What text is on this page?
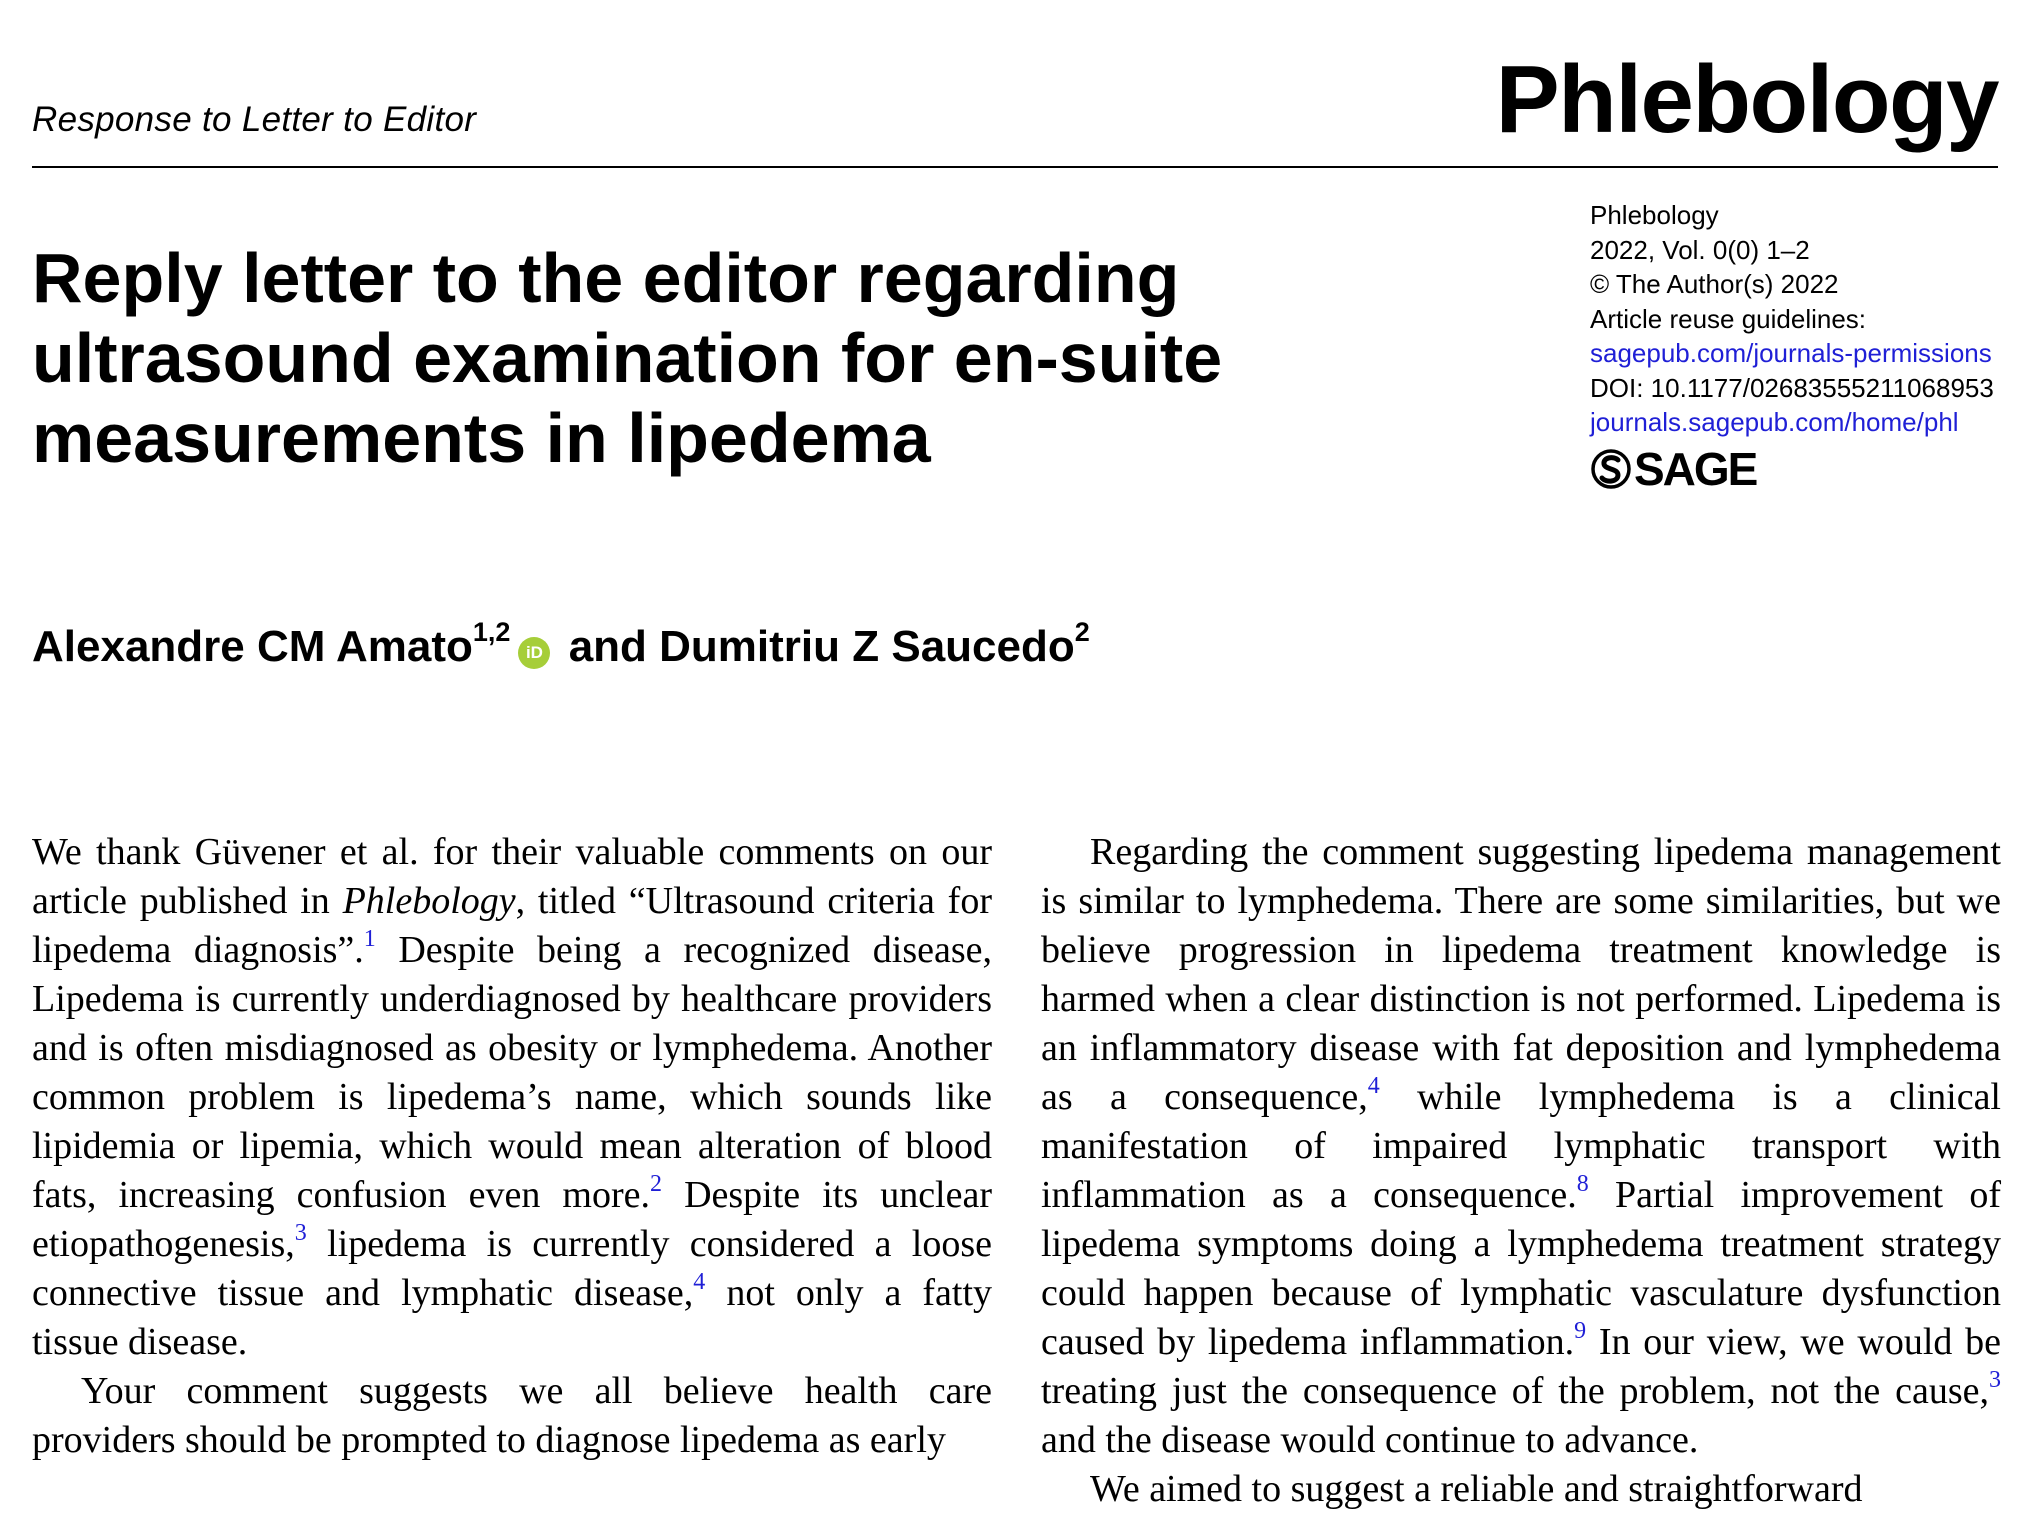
Response to Letter to Editor	Phlebology
Phlebology
2022, Vol. 0(0) 1–2
© The Author(s) 2022
Article reuse guidelines:
sagepub.com/journals-permissions
DOI: 10.1177/02683555211068953
journals.sagepub.com/home/phl
SAGE
Reply letter to the editor regarding ultrasound examination for en-suite measurements in lipedema
Alexandre CM Amato$^{1,2}$iD and Dumitriu Z Saucedo$^2$

We thank Güvener et al. for their valuable comments on our article published in Phlebology, titled “Ultrasound criteria for lipedema diagnosis”.$^1$ Despite being a recognized disease, Lipedema is currently underdiagnosed by healthcare providers and is often misdiagnosed as obesity or lymphedema. Another common problem is lipedema’s name, which sounds like lipidemia or lipemia, which would mean alteration of blood fats, increasing confusion even more.$^2$ Despite its unclear etiopathogenesis,$^3$ lipedema is currently considered a loose connective tissue and lymphatic disease,$^4$ not only a fatty tissue disease.

Your comment suggests we all believe health care providers should be prompted to diagnose lipedema as early

Regarding the comment suggesting lipedema management is similar to lymphedema. There are some similarities, but we believe progression in lipedema treatment knowledge is harmed when a clear distinction is not performed. Lipedema is an inflammatory disease with fat deposition and lymphedema as a consequence,$^4$ while lymphedema is a clinical manifestation of impaired lymphatic transport with inflammation as a consequence.$^8$ Partial improvement of lipedema symptoms doing a lymphedema treatment strategy could happen because of lymphatic vasculature dysfunction caused by lipedema inflammation.$^9$ In our view, we would be treating just the consequence of the problem, not the cause,$^3$ and the disease would continue to advance.

We aimed to suggest a reliable and straightforward
